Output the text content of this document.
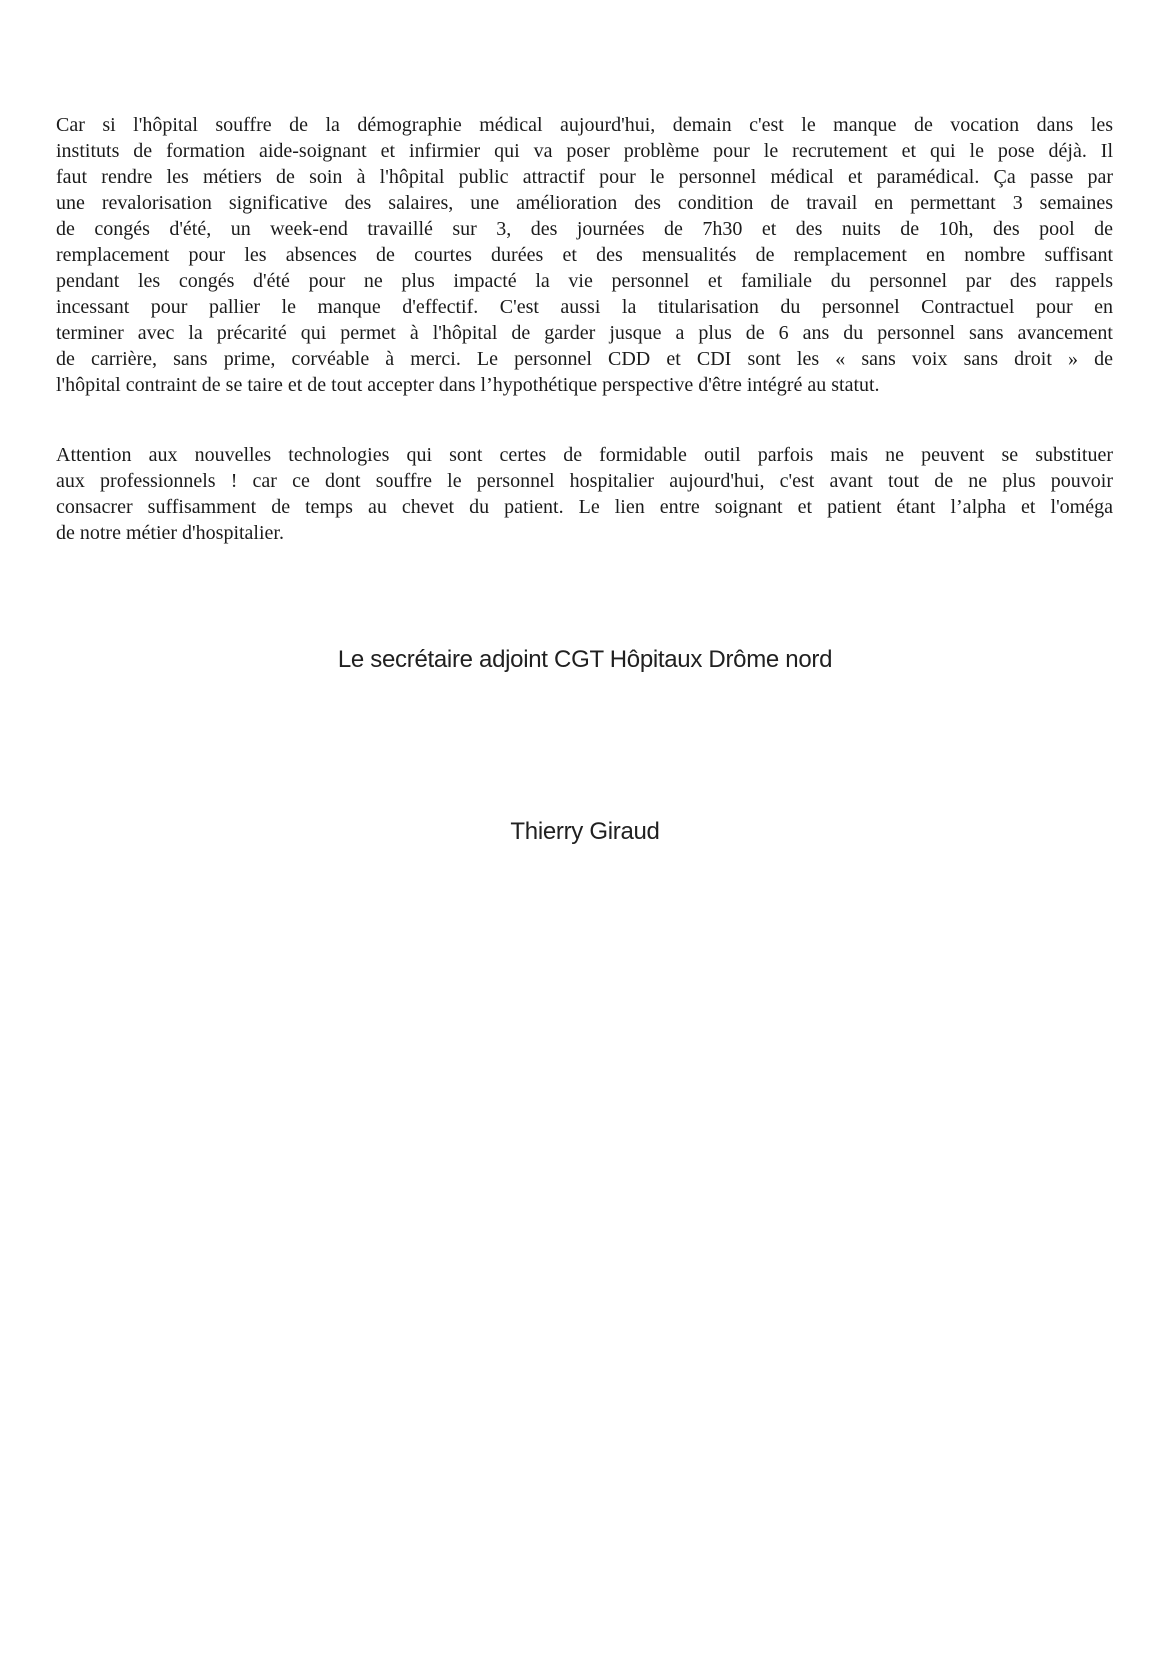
Car si l'hôpital souffre de la démographie médical aujourd'hui, demain c'est le manque de vocation dans les
instituts de formation aide-soignant et infirmier qui va poser problème pour le recrutement et qui le pose déjà. Il
faut rendre les métiers de soin à l'hôpital public attractif pour le personnel médical et paramédical. Ça passe par
une revalorisation significative des salaires, une amélioration des condition de travail en permettant 3 semaines
de congés d'été, un week-end travaillé sur 3, des journées de 7h30 et des nuits de 10h, des pool de
remplacement pour les absences de courtes durées et des mensualités de remplacement en nombre suffisant
pendant les congés d'été pour ne plus impacté la vie personnel et familiale du personnel par des rappels
incessant pour pallier le manque d'effectif. C'est aussi la titularisation du personnel Contractuel pour en
terminer avec la précarité qui permet à l'hôpital de garder jusque a plus de 6 ans du personnel sans avancement
de carrière, sans prime, corvéable à merci. Le personnel CDD et CDI sont les « sans voix sans droit » de
l'hôpital contraint de se taire et de tout accepter dans l’hypothétique perspective d'être intégré au statut.
Attention aux nouvelles technologies qui sont certes de formidable outil parfois mais ne peuvent se substituer
aux professionnels ! car ce dont souffre le personnel hospitalier aujourd'hui, c'est avant tout de ne plus pouvoir
consacrer suffisamment de temps au chevet du patient. Le lien entre soignant et patient étant l’alpha et l'oméga
de notre métier d'hospitalier.
Le secrétaire adjoint CGT Hôpitaux Drôme nord
Thierry Giraud
